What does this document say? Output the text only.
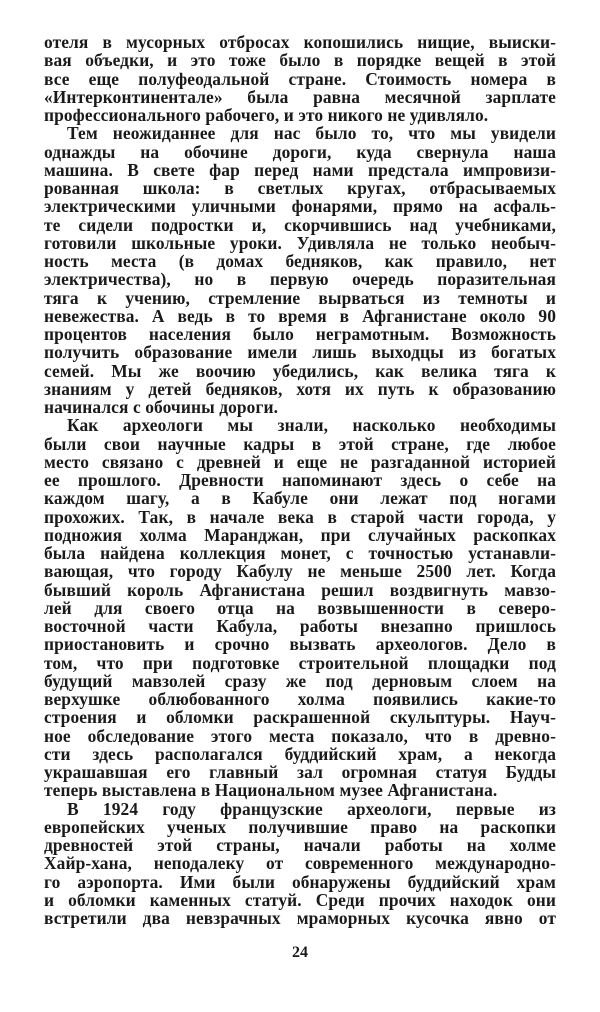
отеля в мусорных отбросах копошились нищие, выиски-
вая объедки, и это тоже было в порядке вещей в этой
все еще полуфеодальной стране. Стоимость номера в
«Интерконтинентале» была равна месячной зарплате
профессионального рабочего, и это никого не удивляло.
Тем неожиданнее для нас было то, что мы увидели
однажды на обочине дороги, куда свернула наша
машина. В свете фар перед нами предстала импровизи-
рованная школа: в светлых кругах, отбрасываемых
электрическими уличными фонарями, прямо на асфаль-
те сидели подростки и, скорчившись над учебниками,
готовили школьные уроки. Удивляла не только необыч-
ность места (в домах бедняков, как правило, нет
электричества), но в первую очередь поразительная
тяга к учению, стремление вырваться из темноты и
невежества. А ведь в то время в Афганистане около 90
процентов населения было неграмотным. Возможность
получить образование имели лишь выходцы из богатых
семей. Мы же воочию убедились, как велика тяга к
знаниям у детей бедняков, хотя их путь к образованию
начинался с обочины дороги.
Как археологи мы знали, насколько необходимы
были свои научные кадры в этой стране, где любое
место связано с древней и еще не разгаданной историей
ее прошлого. Древности напоминают здесь о себе на
каждом шагу, а в Кабуле они лежат под ногами
прохожих. Так, в начале века в старой части города, у
подножия холма Маранджан, при случайных раскопках
была найдена коллекция монет, с точностью устанавли-
вающая, что городу Кабулу не меньше 2500 лет. Когда
бывший король Афганистана решил воздвигнуть мавзо-
лей для своего отца на возвышенности в северо-
восточной части Кабула, работы внезапно пришлось
приостановить и срочно вызвать археологов. Дело в
том, что при подготовке строительной площадки под
будущий мавзолей сразу же под дерновым слоем на
верхушке облюбованного холма появились какие-то
строения и обломки раскрашенной скульптуры. Науч-
ное обследование этого места показало, что в древно-
сти здесь располагался буддийский храм, а некогда
украшавшая его главный зал огромная статуя Будды
теперь выставлена в Национальном музее Афганистана.
В 1924 году французские археологи, первые из
европейских ученых получившие право на раскопки
древностей этой страны, начали работы на холме
Хайр-хана, неподалеку от современного международно-
го аэропорта. Ими были обнаружены буддийский храм
и обломки каменных статуй. Среди прочих находок они
встретили два невзрачных мраморных кусочка явно от
24
